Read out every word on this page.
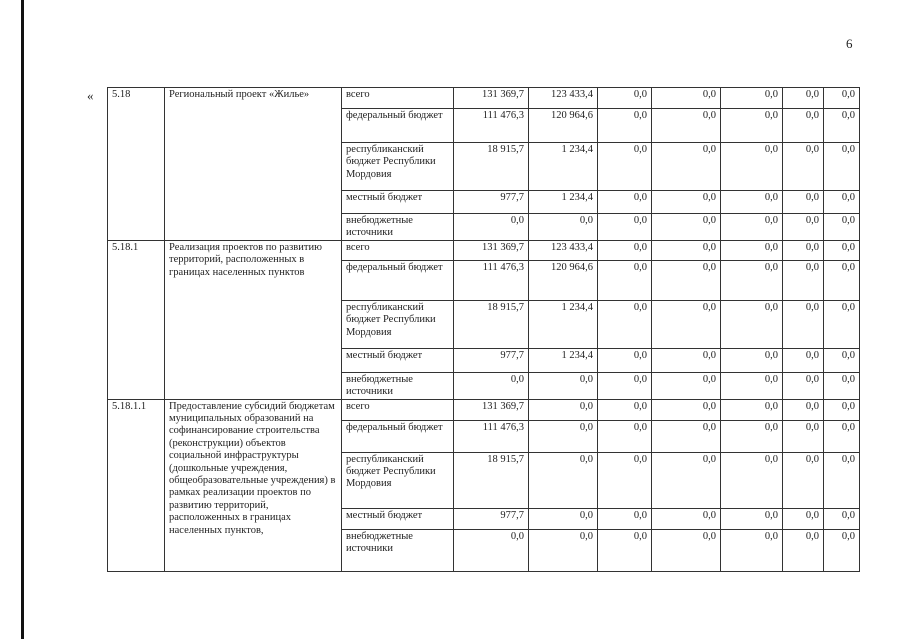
6
« 5.18	Региональный проект «Жилье»	всего	131 369,7	123 433,4	0,0	0,0	0,0	0,0	0,0
		федеральный бюджет	111 476,3	120 964,6	0,0	0,0	0,0	0,0	0,0
		республиканский бюджет Республики Мордовия	18 915,7	1 234,4	0,0	0,0	0,0	0,0	0,0
		местный бюджет	977,7	1 234,4	0,0	0,0	0,0	0,0	0,0
		внебюджетные источники	0,0	0,0	0,0	0,0	0,0	0,0	0,0
5.18.1	Реализация проектов по развитию территорий, расположенных в границах населенных пунктов	всего	131 369,7	123 433,4	0,0	0,0	0,0	0,0	0,0
		федеральный бюджет	111 476,3	120 964,6	0,0	0,0	0,0	0,0	0,0
		республиканский бюджет Республики Мордовия	18 915,7	1 234,4	0,0	0,0	0,0	0,0	0,0
		местный бюджет	977,7	1 234,4	0,0	0,0	0,0	0,0	0,0
		внебюджетные источники	0,0	0,0	0,0	0,0	0,0	0,0	0,0
5.18.1.1	Предоставление субсидий бюджетам муниципальных образований на софинансирование строительства (реконструкции) объектов социальной инфраструктуры (дошкольные учреждения, общеобразовательные учреждения) в рамках реализации проектов по развитию территорий, расположенных в границах населенных пунктов,	всего	131 369,7	0,0	0,0	0,0	0,0	0,0	0,0
		федеральный бюджет	111 476,3	0,0	0,0	0,0	0,0	0,0	0,0
		республиканский бюджет Республики Мордовия	18 915,7	0,0	0,0	0,0	0,0	0,0	0,0
		местный бюджет	977,7	0,0	0,0	0,0	0,0	0,0	0,0
		внебюджетные источники	0,0	0,0	0,0	0,0	0,0	0,0	0,0
